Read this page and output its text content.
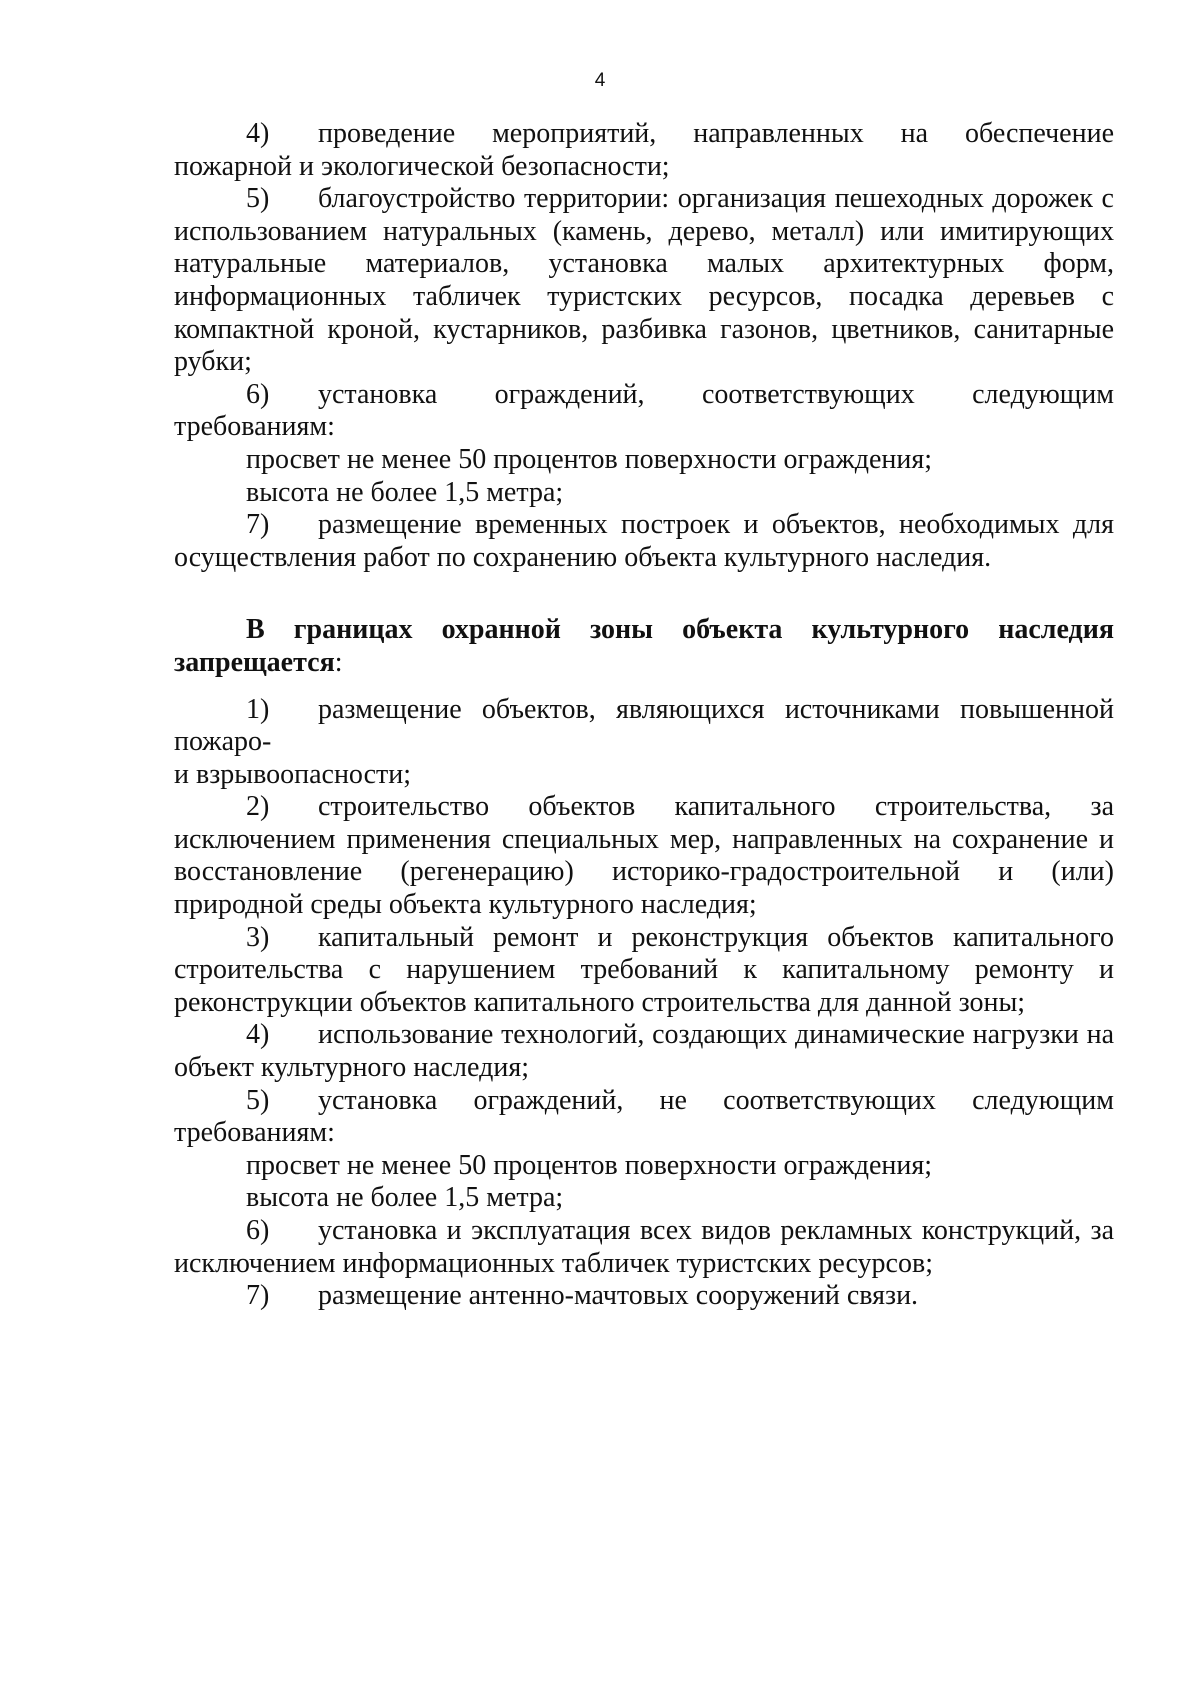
4

4) проведение мероприятий, направленных на обеспечение пожарной и экологической безопасности;

5) благоустройство территории: организация пешеходных дорожек с использованием натуральных (камень, дерево, металл) или имитирующих натуральные материалов, установка малых архитектурных форм, информационных табличек туристских ресурсов, посадка деревьев с компактной кроной, кустарников, разбивка газонов, цветников, санитарные рубки;

6) установка ограждений, соответствующих следующим требованиям:

просвет не менее 50 процентов поверхности ограждения;

высота не более 1,5 метра;

7) размещение временных построек и объектов, необходимых для осуществления работ по сохранению объекта культурного наследия.

В границах охранной зоны объекта культурного наследия запрещается:

1) размещение объектов, являющихся источниками повышенной
пожаро-
и взрывоопасности;

2) строительство объектов капитального строительства, за исключением применения специальных мер, направленных на сохранение и восстановление (регенерацию) историко-градостроительной и (или) природной среды объекта культурного наследия;

3) капитальный ремонт и реконструкция объектов капитального строительства с нарушением требований к капитальному ремонту и реконструкции объектов капитального строительства для данной зоны;

4) использование технологий, создающих динамические нагрузки на объект культурного наследия;

5) установка ограждений, не соответствующих следующим требованиям:

просвет не менее 50 процентов поверхности ограждения;

высота не более 1,5 метра;

6) установка и эксплуатация всех видов рекламных конструкций, за исключением информационных табличек туристских ресурсов;

7) размещение антенно-мачтовых сооружений связи.
